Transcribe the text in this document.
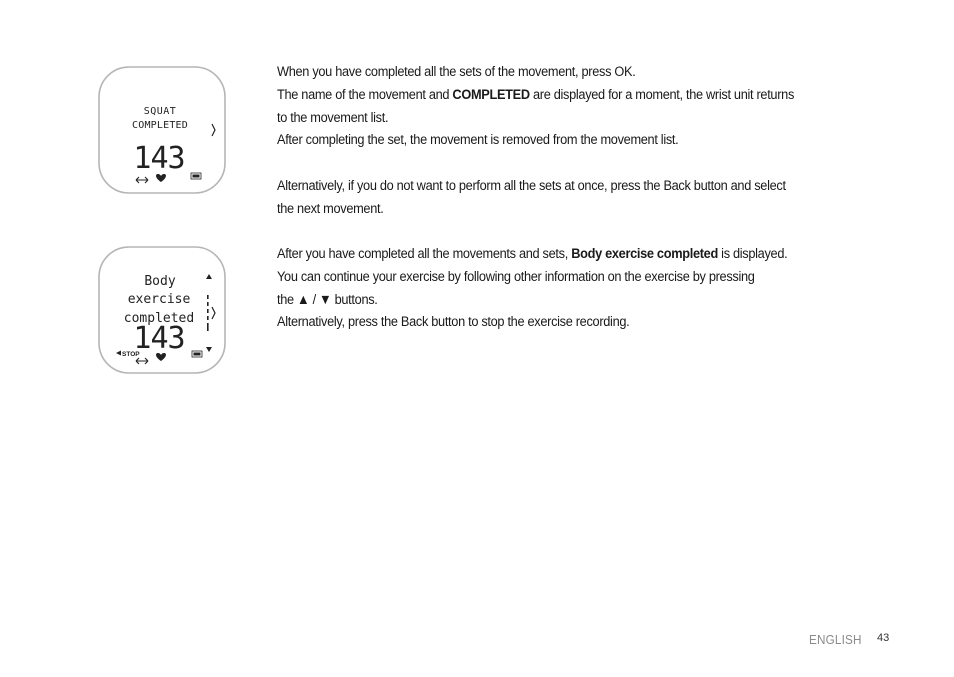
SQUAT
COMPLETED
143
Body
exercise
completed
143
STOP

When you have completed all the sets of the movement, press OK.

The name of the movement and COMPLETED are displayed for a moment, the wrist unit returns

to the movement list.

After completing the set, the movement is removed from the movement list.

Alternatively, if you do not want to perform all the sets at once, press the Back button and select

the next movement.

After you have completed all the movements and sets, Body exercise completed is displayed.

You can continue your exercise by following other information on the exercise by pressing

the ▲ / ▼ buttons.

Alternatively, press the Back button to stop the exercise recording.

ENGLISH 43
